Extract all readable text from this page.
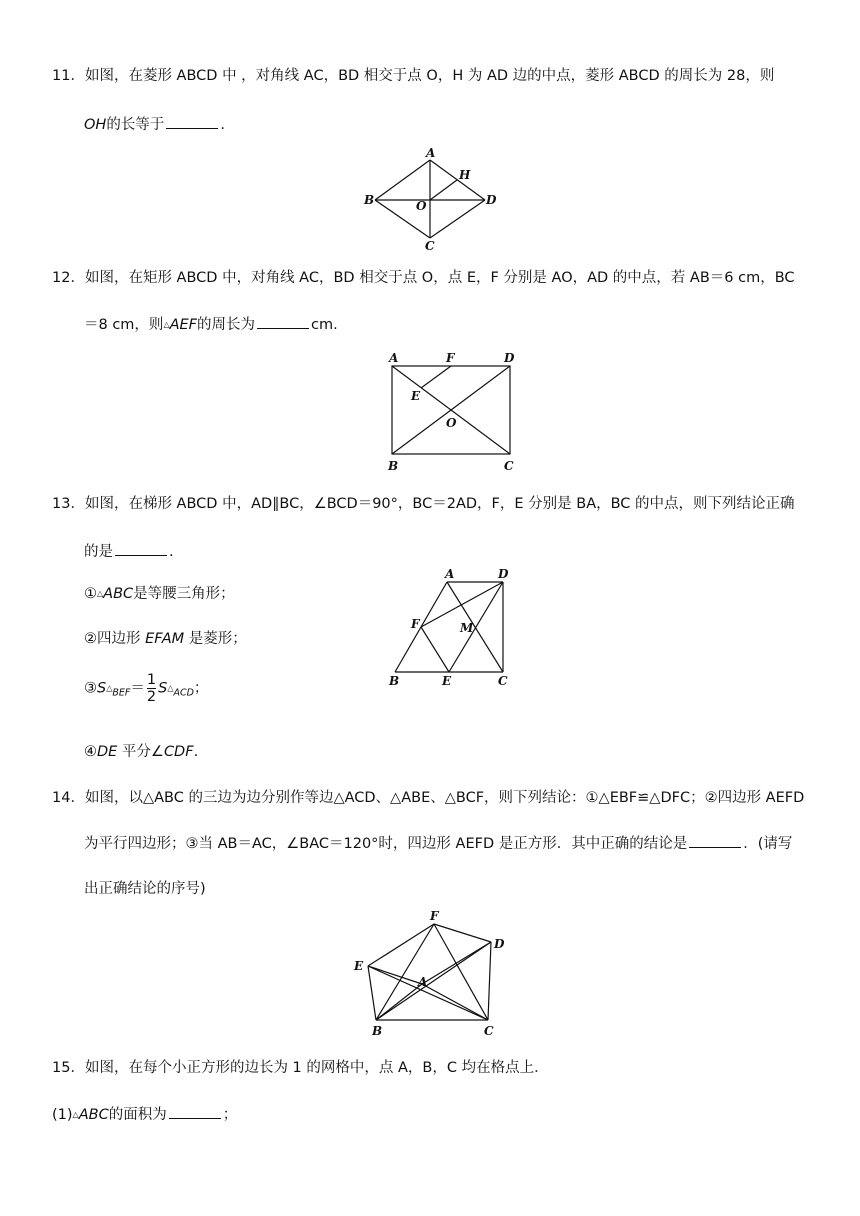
11．如图，在菱形 ABCD 中 ，对角线 AC，BD 相交于点 O，H 为 AD 边的中点，菱形 ABCD 的周长为 28，则
OH的长等于	.
A
B
C
D
O
H
12．如图，在矩形 ABCD 中，对角线 AC，BD 相交于点 O，点 E，F 分别是 AO，AD 的中点，若 AB＝6 cm，BC
＝8 cm，则△AEF的周长为	cm.
A	F	D
E
O
B	C
13．如图，在梯形 ABCD 中，AD∥BC，∠BCD＝90°，BC＝2AD，F，E 分别是 BA，BC 的中点，则下列结论正确
的是	.
①△ABC是等腰三角形；
②四边形 EFAM 是菱形；
$③S\triangle_{BEF}= \frac{1}{2}$ $S\triangle_{ACD}$；
④DE 平分∠CDF.
A	D
F	M
B	E	C
14．如图，以△ABC 的三边为边分别作等边△ACD、△ABE、△BCF，则下列结论：①△EBF≌△DFC；②四边形 AEFD
为平行四边形；③当 AB＝AC，∠BAC＝120°时，四边形 AEFD 是正方形．其中正确的结论是	．(请写
出正确结论的序号)
F
D
E
A
B	C
15．如图，在每个小正方形的边长为 1 的网格中，点 A，B，C 均在格点上．
(1)△ABC的面积为	；
